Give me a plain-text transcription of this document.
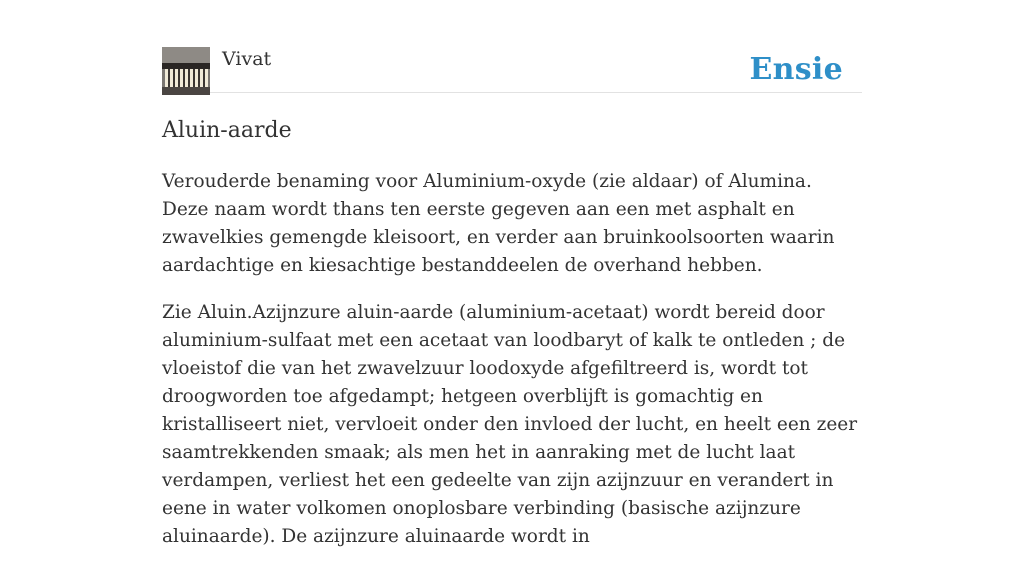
Vivat	Ensie
Aluin-aarde

Verouderde benaming voor Aluminium-oxyde (zie aldaar) of Alumina. Deze naam wordt thans ten eerste gegeven aan een met asphalt en zwavelkies gemengde kleisoort, en verder aan bruinkoolsoorten waarin aardachtige en kiesachtige bestanddeelen de overhand hebben.

Zie Aluin.Azijnzure aluin-aarde (aluminium-acetaat) wordt bereid door aluminium-sulfaat met een acetaat van loodbaryt of kalk te ontleden ; de vloeistof die van het zwavelzuur loodoxyde afgefiltreerd is, wordt tot droogworden toe afgedampt; hetgeen overblijft is gomachtig en kristalliseert niet, vervloeit onder den invloed der lucht, en heelt een zeer saamtrekkenden smaak; als men het in aanraking met de lucht laat verdampen, verliest het een gedeelte van zijn azijnzuur en verandert in eene in water volkomen onoplosbare verbinding (basische azijnzure aluinaarde). De azijnzure aluinaarde wordt in
